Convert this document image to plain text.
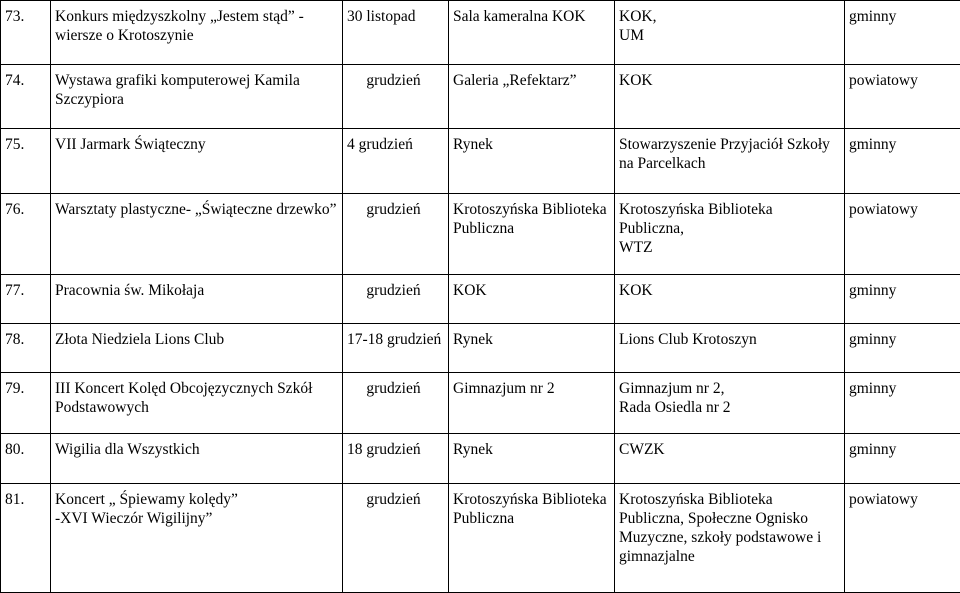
73.	Konkurs międzyszkolny „Jestem stąd” - wiersze o Krotoszynie	30 listopad	Sala kameralna KOK	KOK,
UM	gminny
74.	Wystawa grafiki komputerowej Kamila Szczypiora	grudzień	Galeria „Refektarz”	KOK	powiatowy
75.	VII Jarmark Świąteczny	4 grudzień	Rynek	Stowarzyszenie Przyjaciół Szkoły na Parcelkach	gminny
76.	Warsztaty plastyczne- „Świąteczne drzewko”	grudzień	Krotoszyńska Biblioteka Publiczna	Krotoszyńska Biblioteka Publiczna,
WTZ	powiatowy
77.	Pracownia św. Mikołaja	grudzień	KOK	KOK	gminny
78.	Złota Niedziela Lions Club	17-18 grudzień	Rynek	Lions Club Krotoszyn	gminny
79.	III Koncert Kolęd Obcojęzycznych Szkół Podstawowych	grudzień	Gimnazjum nr 2	Gimnazjum nr 2,
Rada Osiedla nr 2	gminny
80.	Wigilia dla Wszystkich	18 grudzień	Rynek	CWZK	gminny
81.	Koncert „ Śpiewamy kolędy”
-XVI Wieczór Wigilijny”	grudzień	Krotoszyńska Biblioteka Publiczna	Krotoszyńska Biblioteka Publiczna, Społeczne Ognisko Muzyczne, szkoły podstawowe i gimnazjalne	powiatowy
